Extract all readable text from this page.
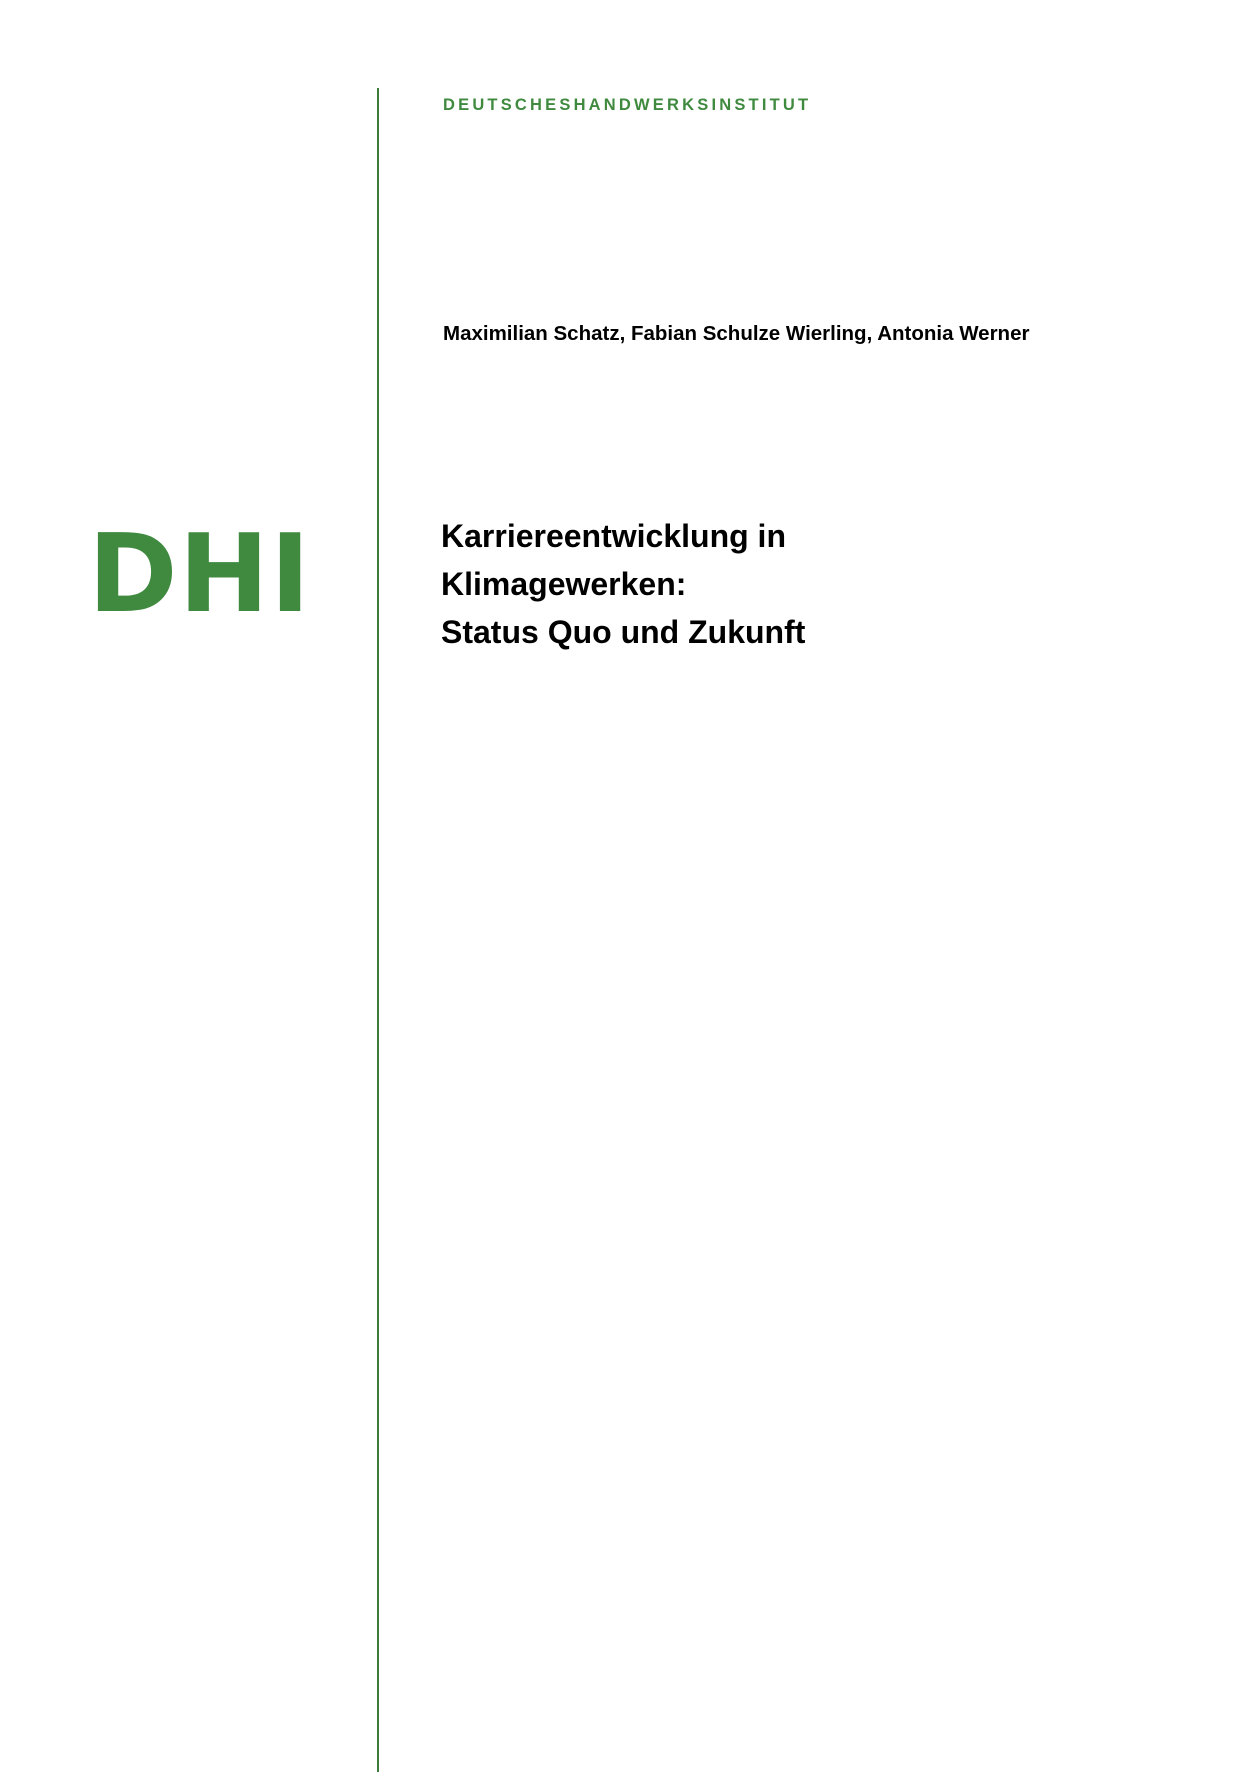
DEUTSCHESHANDWERKSINSTITUT
DHI
Maximilian Schatz, Fabian Schulze Wierling, Antonia Werner
Karriereentwicklung in
Klimagewerken:
Status Quo und Zukunft
